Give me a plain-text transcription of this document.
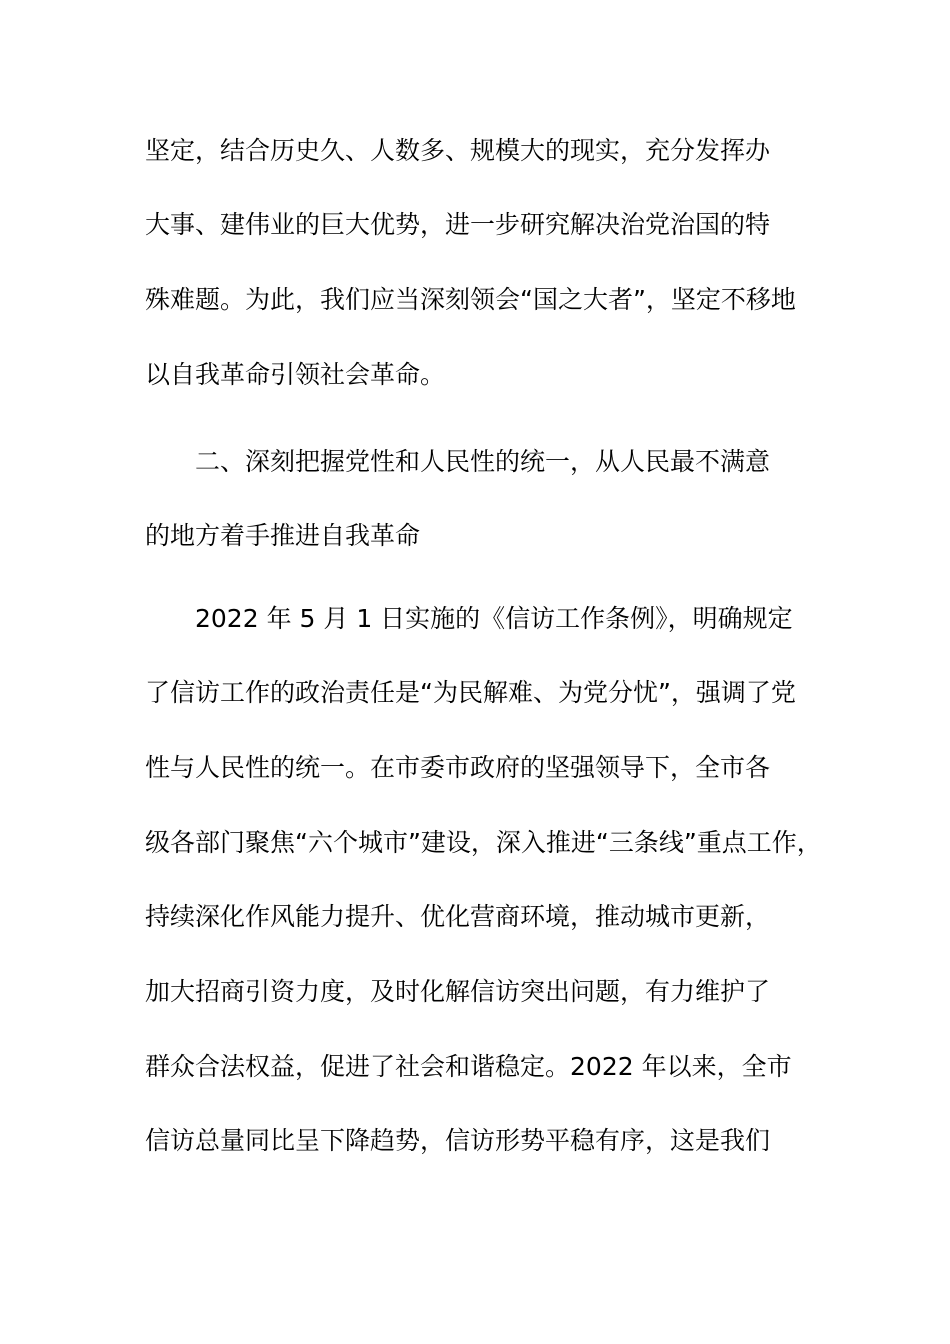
坚定，结合历史久、人数多、规模大的现实，充分发挥办
大事、建伟业的巨大优势，进一步研究解决治党治国的特
殊难题。为此，我们应当深刻领会“国之大者”，坚定不移地
以自我革命引领社会革命。
二、深刻把握党性和人民性的统一，从人民最不满意
的地方着手推进自我革命
2022 年 5 月 1 日实施的《信访工作条例》，明确规定
了信访工作的政治责任是“为民解难、为党分忧”，强调了党
性与人民性的统一。在市委市政府的坚强领导下，全市各
级各部门聚焦“六个城市”建设，深入推进“三条线”重点工作，
持续深化作风能力提升、优化营商环境，推动城市更新，
加大招商引资力度，及时化解信访突出问题，有力维护了
群众合法权益，促进了社会和谐稳定。2022 年以来，全市
信访总量同比呈下降趋势，信访形势平稳有序，这是我们
